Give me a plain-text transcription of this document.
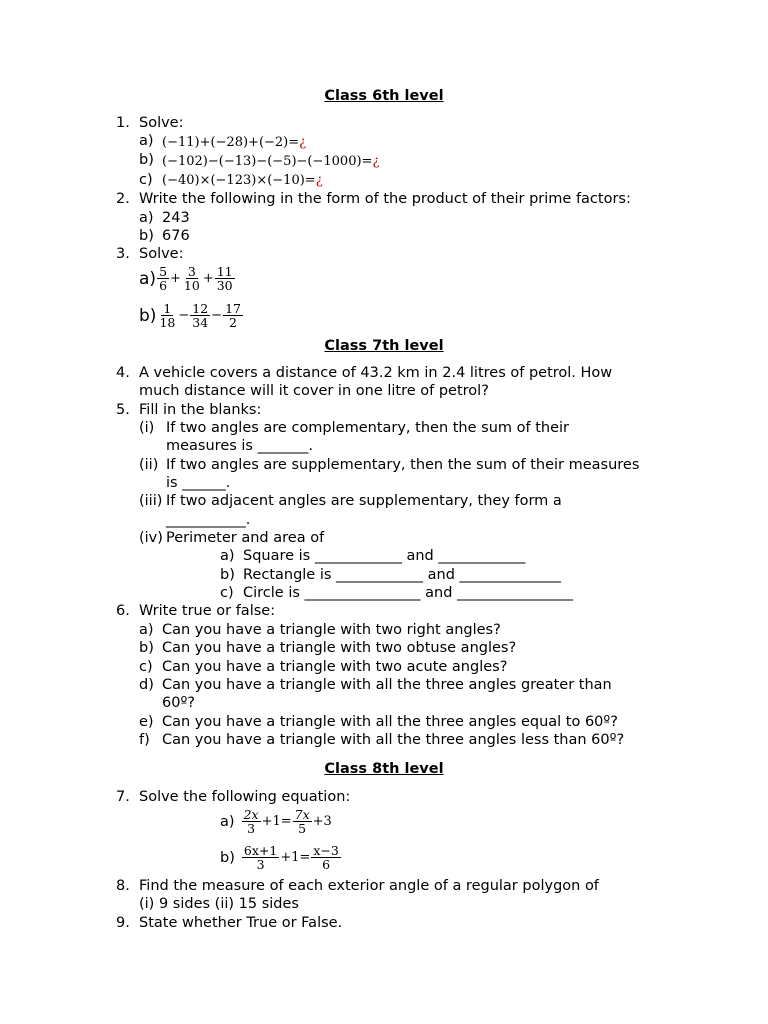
Class 6th level
1. Solve:
a) (−11)+(−28)+(−2)=¿
b) (−102)−(−13)−(−5)−(−1000)=¿
c) (−40)×(−123)×(−10)=¿
2. Write the following in the form of the product of their prime factors:
a) 243
b) 676
3. Solve:
$a) \frac{5}{6} + \frac{3}{10} + \frac{11}{30}$
$b) \frac{1}{18} - \frac{12}{34} - \frac{17}{2}$
Class 7th level
4. A vehicle covers a distance of 43.2 km in 2.4 litres of petrol. How
much distance will it cover in one litre of petrol?
5. Fill in the blanks:
(i) If two angles are complementary, then the sum of their
measures is _______.
(ii) If two angles are supplementary, then the sum of their measures
is ______.
(iii) If two adjacent angles are supplementary, they form a
___________.
(iv) Perimeter and area of
a) Square is ____________ and ____________
b) Rectangle is ____________ and ______________
c) Circle is ________________ and ________________
6. Write true or false:
a) Can you have a triangle with two right angles?
b) Can you have a triangle with two obtuse angles?
c) Can you have a triangle with two acute angles?
d) Can you have a triangle with all the three angles greater than
60º?
e) Can you have a triangle with all the three angles equal to 60º?
f) Can you have a triangle with all the three angles less than 60º?
Class 8th level
7. Solve the following equation:
$a) \frac{2x}{3} +1= \frac{7x}{5} +3$
$b) \frac{6x+1}{3} +1= \frac{x-3}{6}$
8. Find the measure of each exterior angle of a regular polygon of
(i) 9 sides (ii) 15 sides
9. State whether True or False.
